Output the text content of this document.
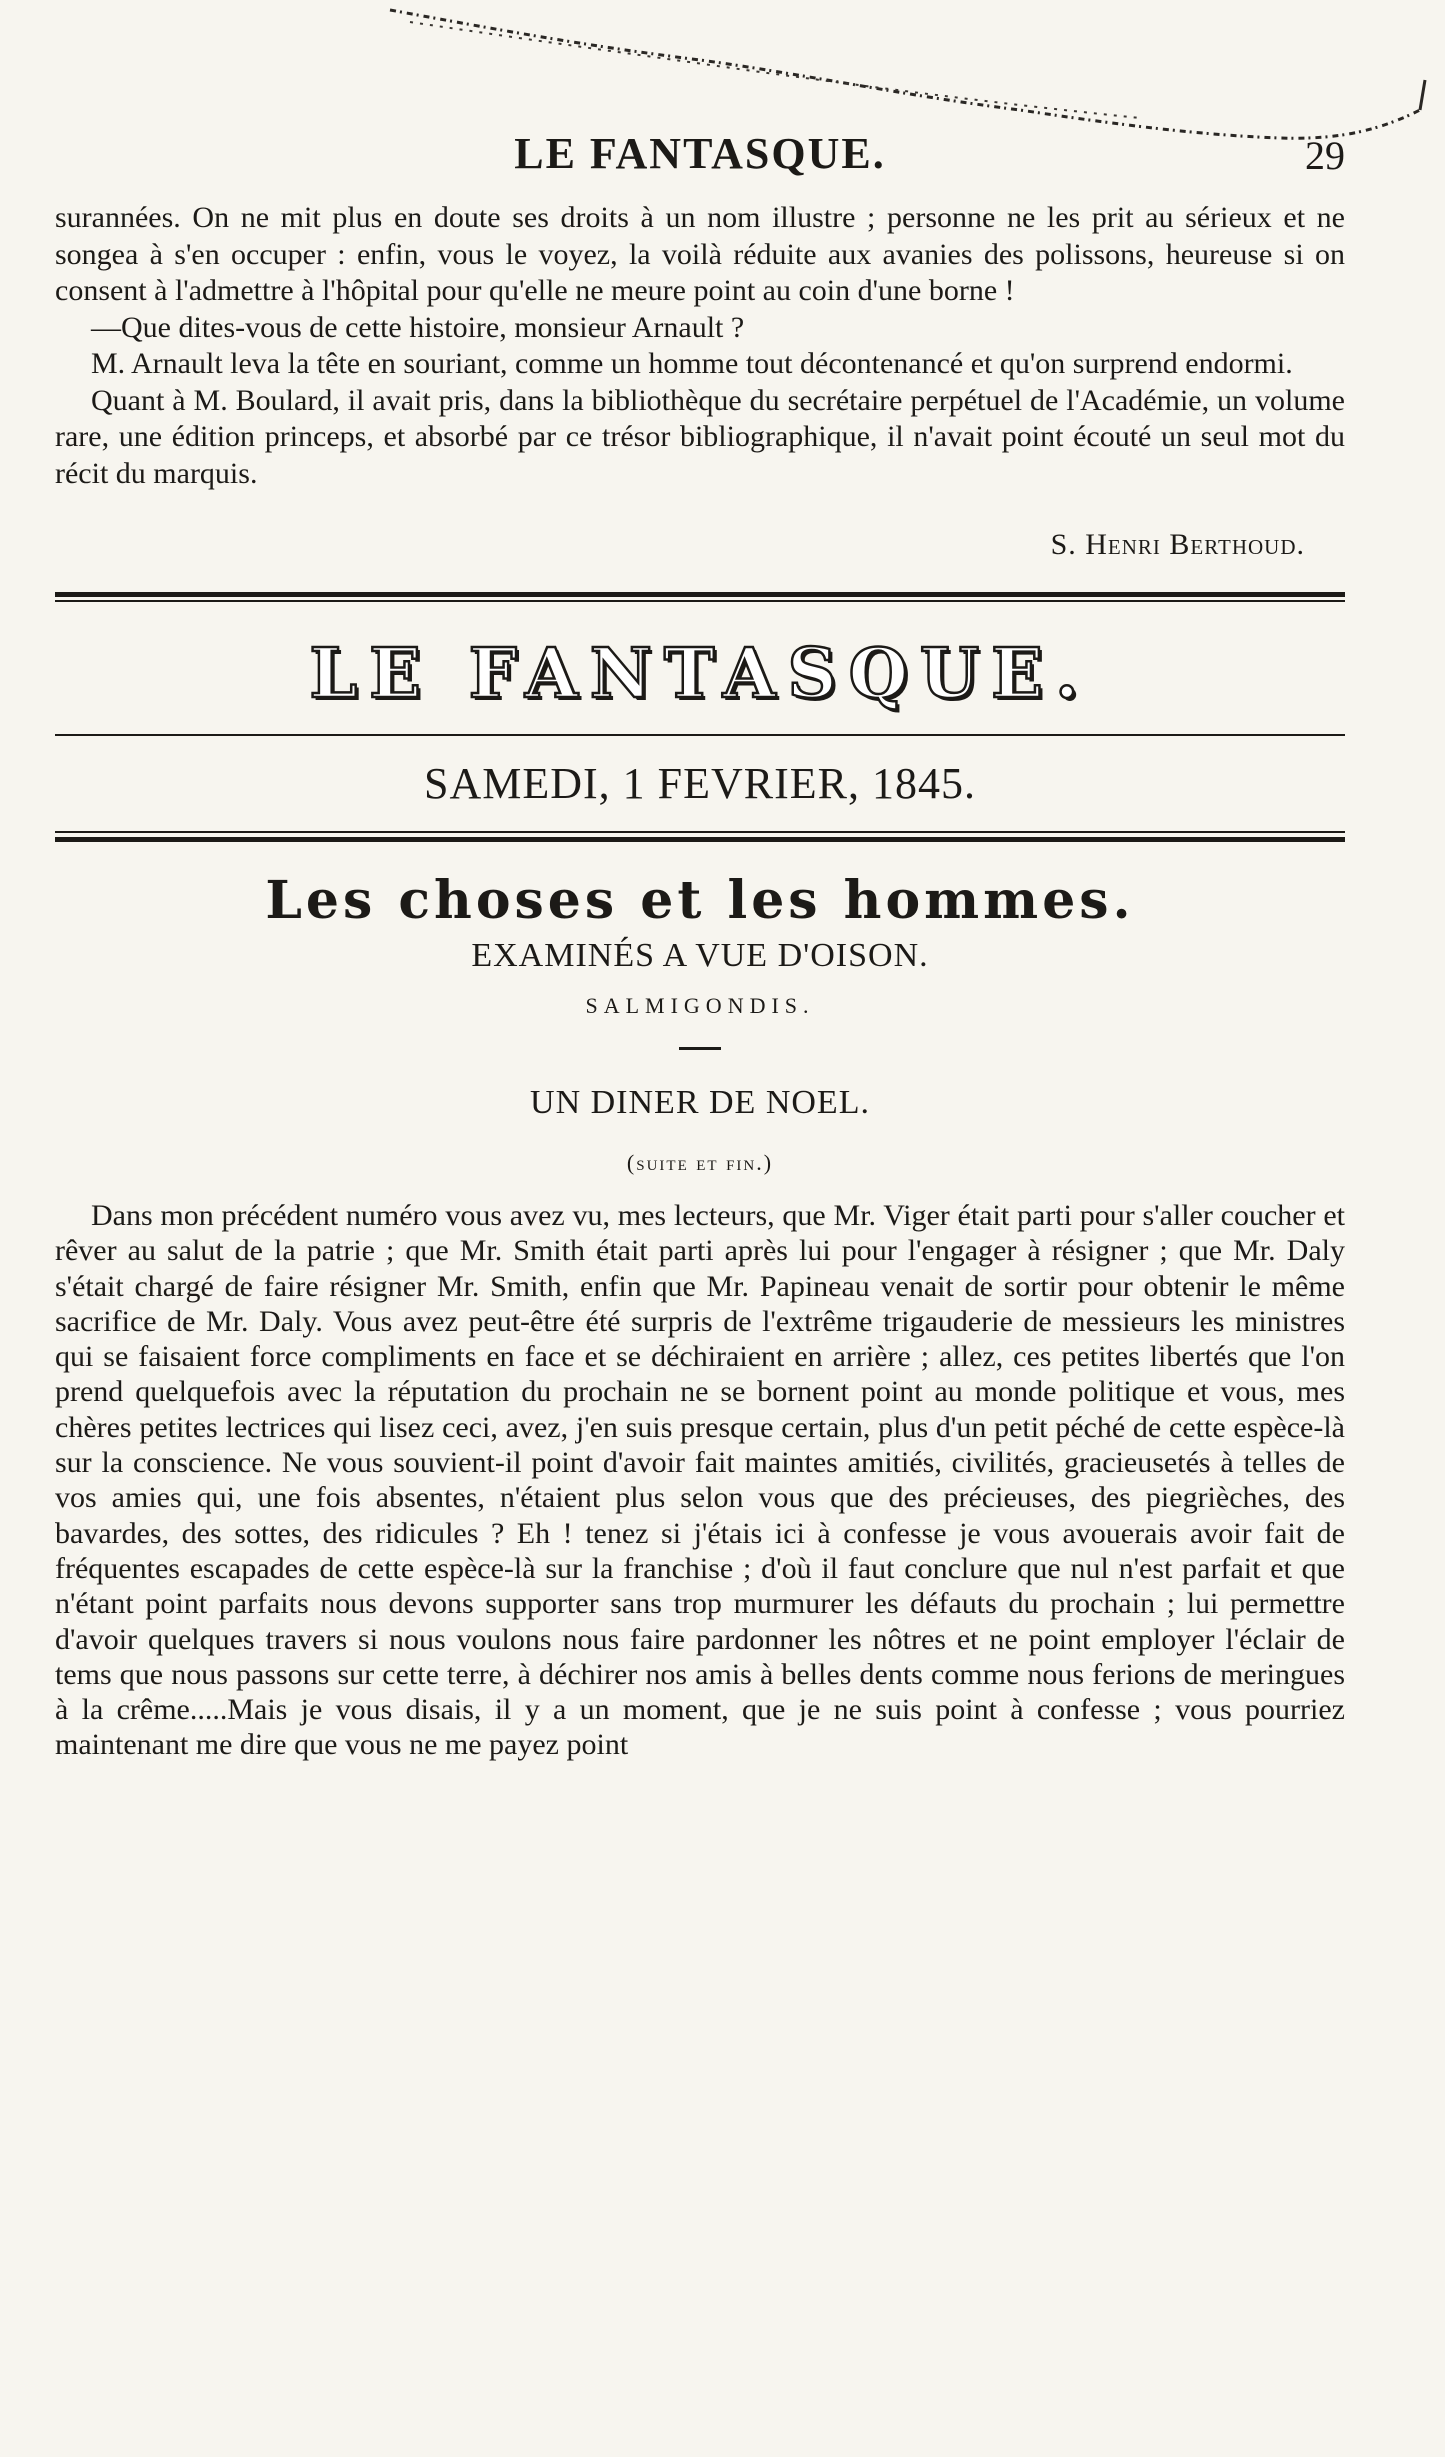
LE FANTASQUE.	29

surannées. On ne mit plus en doute ses droits à un nom illustre ; personne ne les prit au sérieux et ne songea à s'en occuper : enfin, vous le voyez, la voilà réduite aux avanies des polissons, heureuse si on consent à l'admettre à l'hôpital pour qu'elle ne meure point au coin d'une borne !

—Que dites-vous de cette histoire, monsieur Arnault ?

M. Arnault leva la tête en souriant, comme un homme tout décontenancé et qu'on surprend endormi.

Quant à M. Boulard, il avait pris, dans la bibliothèque du secrétaire perpétuel de l'Académie, un volume rare, une édition princeps, et absorbé par ce trésor bibliographique, il n'avait point écouté un seul mot du récit du marquis.

S. Henri Berthoud.
LE FANTASQUE.
SAMEDI, 1 FEVRIER, 1845.
Les choses et les hommes.
EXAMINÉS A VUE D'OISON.
SALMIGONDIS.
UN DINER DE NOEL.
(suite et fin.)

Dans mon précédent numéro vous avez vu, mes lecteurs, que Mr. Viger était parti pour s'aller coucher et rêver au salut de la patrie ; que Mr. Smith était parti après lui pour l'engager à résigner ; que Mr. Daly s'était chargé de faire résigner Mr. Smith, enfin que Mr. Papineau venait de sortir pour obtenir le même sacrifice de Mr. Daly. Vous avez peut-être été surpris de l'extrême trigauderie de messieurs les ministres qui se faisaient force compliments en face et se déchiraient en arrière ; allez, ces petites libertés que l'on prend quelquefois avec la réputation du prochain ne se bornent point au monde politique et vous, mes chères petites lectrices qui lisez ceci, avez, j'en suis presque certain, plus d'un petit péché de cette espèce-là sur la conscience. Ne vous souvient-il point d'avoir fait maintes amitiés, civilités, gracieusetés à telles de vos amies qui, une fois absentes, n'étaient plus selon vous que des précieuses, des piegrièches, des bavardes, des sottes, des ridicules ? Eh ! tenez si j'étais ici à confesse je vous avouerais avoir fait de fréquentes escapades de cette espèce-là sur la franchise ; d'où il faut conclure que nul n'est parfait et que n'étant point parfaits nous devons supporter sans trop murmurer les défauts du prochain ; lui permettre d'avoir quelques travers si nous voulons nous faire pardonner les nôtres et ne point employer l'éclair de tems que nous passons sur cette terre, à déchirer nos amis à belles dents comme nous ferions de meringues à la crême.....Mais je vous disais, il y a un moment, que je ne suis point à confesse ; vous pourriez maintenant me dire que vous ne me payez point
